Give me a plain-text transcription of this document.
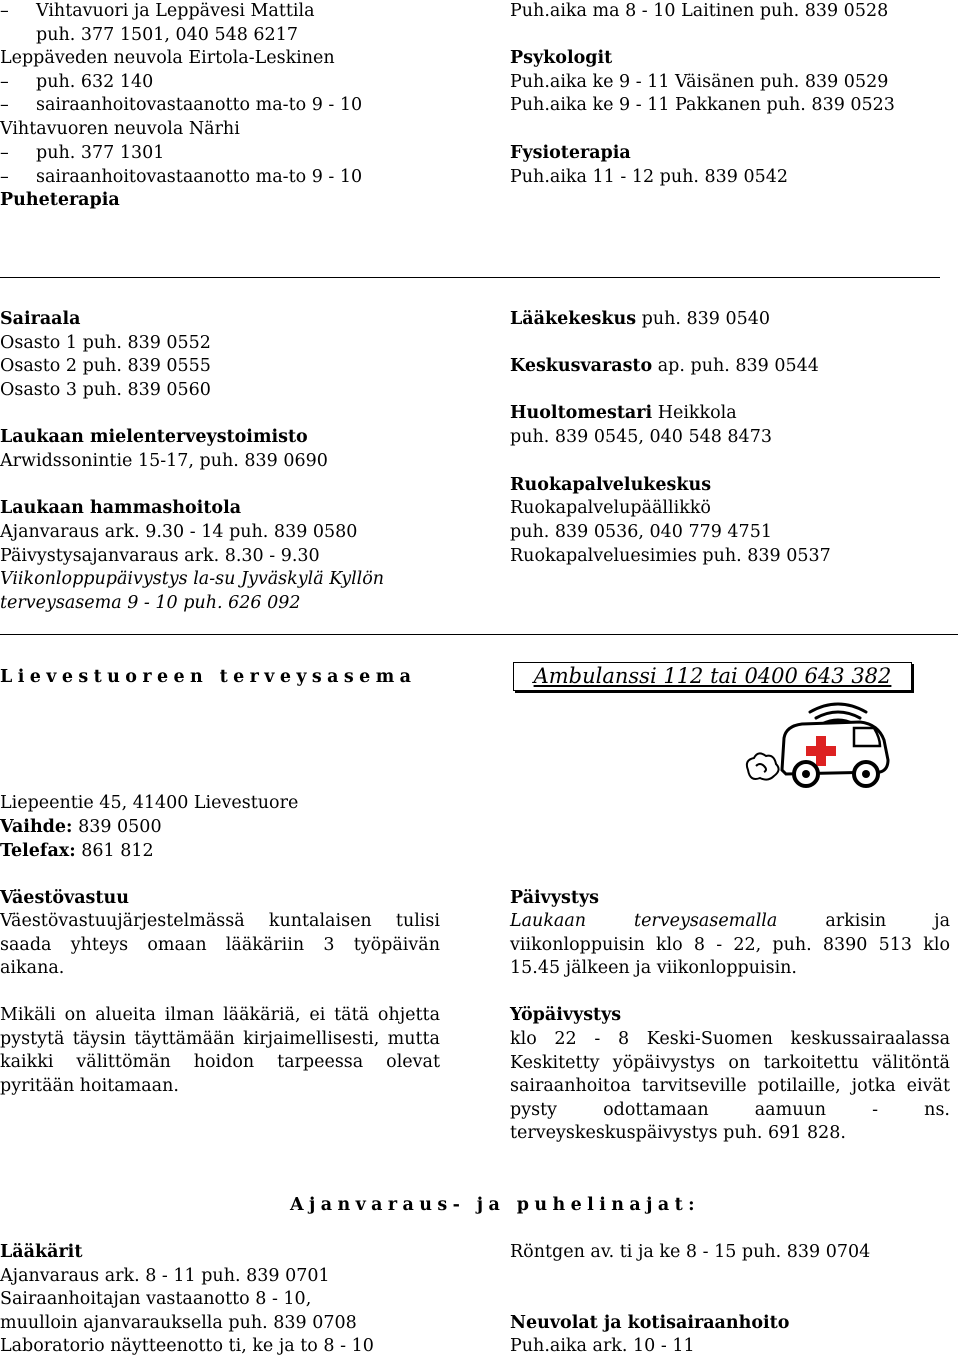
– Vihtavuori ja Leppävesi Mattila
puh. 377 1501, 040 548 6217
Leppäveden neuvola Eirtola-Leskinen
– puh. 632 140
– sairaanhoitovastaanotto ma-to 9 - 10
Vihtavuoren neuvola Närhi
– puh. 377 1301
– sairaanhoitovastaanotto ma-to 9 - 10
Puheterapia
Puh.aika ma 8 - 10 Laitinen puh. 839 0528
Psykologit
Puh.aika ke 9 - 11 Väisänen puh. 839 0529
Puh.aika ke 9 - 11 Pakkanen puh. 839 0523
Fysioterapia
Puh.aika 11 - 12 puh. 839 0542
Sairaala
Osasto 1 puh. 839 0552
Osasto 2 puh. 839 0555
Osasto 3 puh. 839 0560
Laukaan mielenterveystoimisto
Arwidssonintie 15-17, puh. 839 0690
Laukaan hammashoitola
Ajanvaraus ark. 9.30 - 14 puh. 839 0580
Päivystysajanvaraus ark. 8.30 - 9.30
Viikonloppupäivystys la-su Jyväskylä Kyllön
terveysasema 9 - 10 puh. 626 092
Lääkekeskus puh. 839 0540
Keskusvarasto ap. puh. 839 0544
Huoltomestari Heikkola
puh. 839 0545, 040 548 8473
Ruokapalvelukeskus
Ruokapalvelupäällikkö
puh. 839 0536, 040 779 4751
Ruokapalveluesimies puh. 839 0537
Lievestuoreen terveysasema	Ambulanssi 112 tai 0400 643 382
Liepeentie 45, 41400 Lievestuore
Vaihde: 839 0500
Telefax: 861 812
Väestövastuu

Väestövastuujärjestelmässä kuntalaisen tulisi saada yhteys omaan lääkäriin 3 työpäivän aikana.

Mikäli on alueita ilman lääkäriä, ei tätä ohjetta pystytä täysin täyttämään kirjaimellisesti, mutta kaikki välittömän hoidon tarpeessa olevat pyritään hoitamaan.

Päivystys

Laukaan terveysasemalla arkisin ja viikonloppuisin klo 8 - 22, puh. 8390 513 klo 15.45 jälkeen ja viikonloppuisin.

Yöpäivystys

klo 22 - 8 Keski-Suomen keskussairaalassa Keskitetty yöpäivystys on tarkoitettu välitöntä sairaanhoitoa tarvitseville potilaille, jotka eivät pysty odottamaan aamuun - ns. terveyskeskuspäivystys puh. 691 828.

Ajanvaraus- ja puhelinajat:
Lääkärit
Ajanvaraus ark. 8 - 11 puh. 839 0701
Sairaanhoitajan vastaanotto 8 - 10,
muulloin ajanvarauksella puh. 839 0708
Laboratorio näytteenotto ti, ke ja to 8 - 10
Röntgen av. ti ja ke 8 - 15 puh. 839 0704
Neuvolat ja kotisairaanhoito
Puh.aika ark. 10 - 11
